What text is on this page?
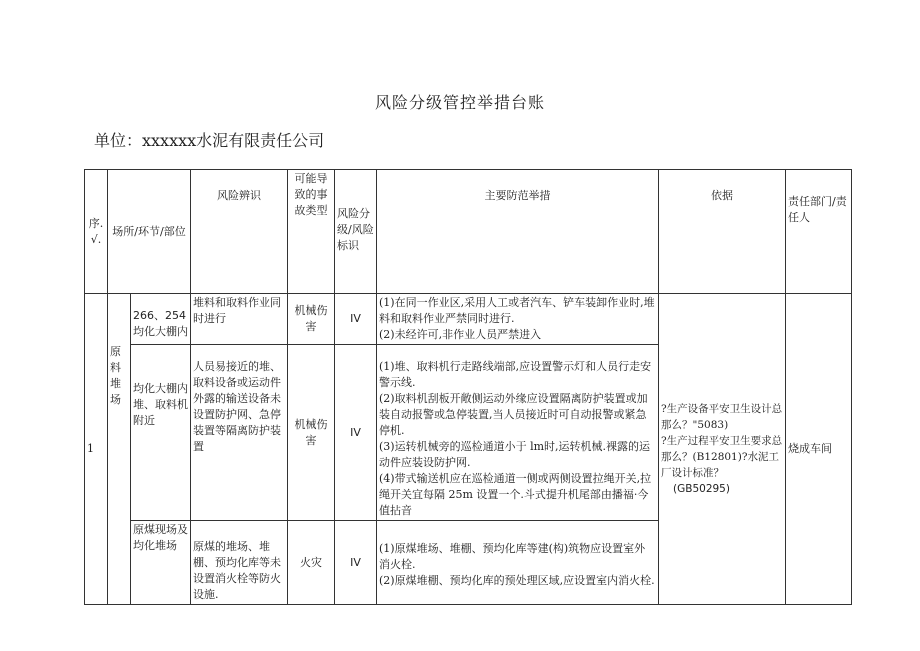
风险分级管控举措台账
单位：xxxxxx水泥有限责任公司
序.√.	场所/环节/部位		风险辨识	可能导致的事故类型	风险分级/风险标识	主要防范举措	依据	责任部门/责任人
1	原料堆场	266、254均化大棚内	堆料和取料作业同时进行	机械伤害	IV	(1)在同一作业区,采用人工或者汽车、铲车装卸作业时,堆料和取料作业严禁同时进行.
(2)未经许可,非作业人员严禁进入	?生产设备平安卫生设计总那么？"5083)
?生产过程平安卫生要求总那么？(B12801)?水泥工厂设计标准？
(GB50295)	烧成车间
		均化大棚内堆、取料机附近	人员易接近的堆、取料设备或运动件外露的输送设备未设置防护网、急停装置等隔离防护装置	机械伤害	IV	(1)堆、取料机行走路线端部,应设置警示灯和人员行走安警示线.
(2)取料机刮板开敞侧运动外缘应设置隔离防护装置或加装自动报警或急停装置,当人员接近时可自动报警或紧急停机.
(3)运转机械旁的巡检通道小于 lm时,运转机械.裸露的运动件应装设防护网.
(4)带式输送机应在巡检通道一侧或两侧设置拉绳开关,拉绳开关宜每隔 25m 设置一个.斗式提升机尾部由播福·今值拈音		

		原煤现场及均化堆场	原煤的堆场、堆棚、预均化库等未设置消火栓等防火设施.	火灾	IV	(1)原煤堆场、堆棚、预均化库等建(构)筑物应设置室外消火栓.
(2)原煤堆棚、预均化库的预处理区域,应设置室内消火栓.		
